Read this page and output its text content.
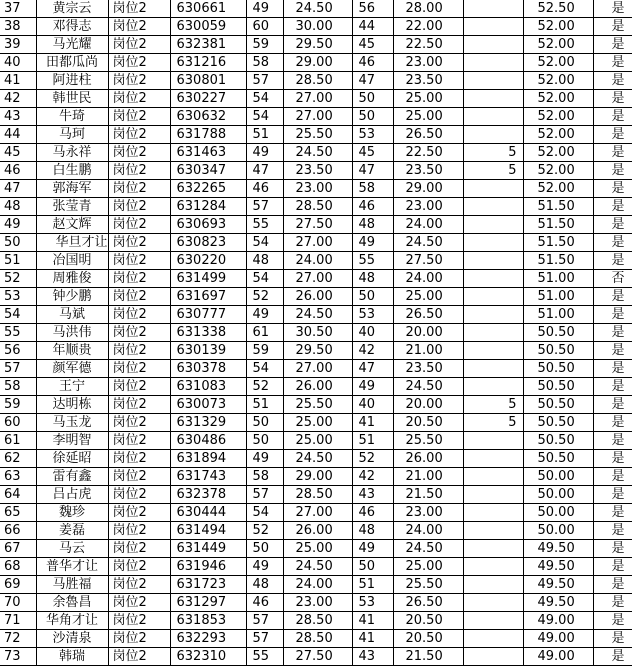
37	黄宗云	岗位2	630661	49	24.50	56	28.00		52.50	是
38	邓得志	岗位2	630059	60	30.00	44	22.00		52.00	是
39	马光耀	岗位2	632381	59	29.50	45	22.50		52.00	是
40	田都瓜尚	岗位2	631216	58	29.00	46	23.00		52.00	是
41	阿进柱	岗位2	630801	57	28.50	47	23.50		52.00	是
42	韩世民	岗位2	630227	54	27.00	50	25.00		52.00	是
43	牛琦	岗位2	630632	54	27.00	50	25.00		52.00	是
44	马珂	岗位2	631788	51	25.50	53	26.50		52.00	是
45	马永祥	岗位2	631463	49	24.50	45	22.50	5	52.00	是
46	白生鹏	岗位2	630347	47	23.50	47	23.50	5	52.00	是
47	郭海军	岗位2	632265	46	23.00	58	29.00		52.00	是
48	张莹青	岗位2	631284	57	28.50	46	23.00		51.50	是
49	赵文辉	岗位2	630693	55	27.50	48	24.00		51.50	是
50	华旦才让	岗位2	630823	54	27.00	49	24.50		51.50	是
51	冶国明	岗位2	630220	48	24.00	55	27.50		51.50	是
52	周雅俊	岗位2	631499	54	27.00	48	24.00		51.00	否
53	钟少鹏	岗位2	631697	52	26.00	50	25.00		51.00	是
54	马斌	岗位2	630777	49	24.50	53	26.50		51.00	是
55	马洪伟	岗位2	631338	61	30.50	40	20.00		50.50	是
56	年顺贵	岗位2	630139	59	29.50	42	21.00		50.50	是
57	颜军德	岗位2	630378	54	27.00	47	23.50		50.50	是
58	王宁	岗位2	631083	52	26.00	49	24.50		50.50	是
59	达明栋	岗位2	630073	51	25.50	40	20.00	5	50.50	是
60	马玉龙	岗位2	631329	50	25.00	41	20.50	5	50.50	是
61	李明智	岗位2	630486	50	25.00	51	25.50		50.50	是
62	徐延昭	岗位2	631894	49	24.50	52	26.00		50.50	是
63	雷有鑫	岗位2	631743	58	29.00	42	21.00		50.00	是
64	吕占虎	岗位2	632378	57	28.50	43	21.50		50.00	是
65	魏珍	岗位2	630444	54	27.00	46	23.00		50.00	是
66	姜磊	岗位2	631494	52	26.00	48	24.00		50.00	是
67	马云	岗位2	631449	50	25.00	49	24.50		49.50	是
68	普华才让	岗位2	631946	49	24.50	50	25.00		49.50	是
69	马胜福	岗位2	631723	48	24.00	51	25.50		49.50	是
70	余魯昌	岗位2	631297	46	23.00	53	26.50		49.50	是
71	华角才让	岗位2	631853	57	28.50	41	20.50		49.00	是
72	沙清泉	岗位2	632293	57	28.50	41	20.50		49.00	是
73	韩瑞	岗位2	632310	55	27.50	43	21.50		49.00	是
